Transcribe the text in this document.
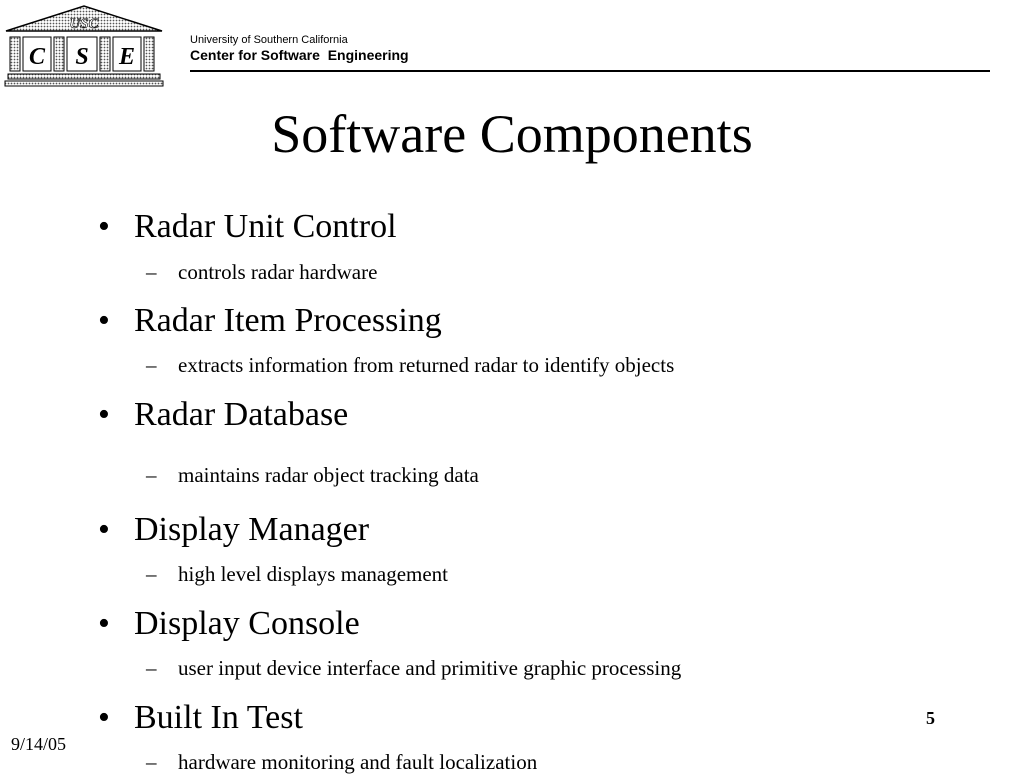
USC
C S E
University of Southern California
Center for Software  Engineering
Software Components
• Radar Unit Control
– controls radar hardware
• Radar Item Processing
– extracts information from returned radar to identify objects
• Radar Database
– maintains radar object tracking data
• Display Manager
– high level displays management
• Display Console
– user input device interface and primitive graphic processing
• Built In Test
– hardware monitoring and fault localization
9/14/05
5
